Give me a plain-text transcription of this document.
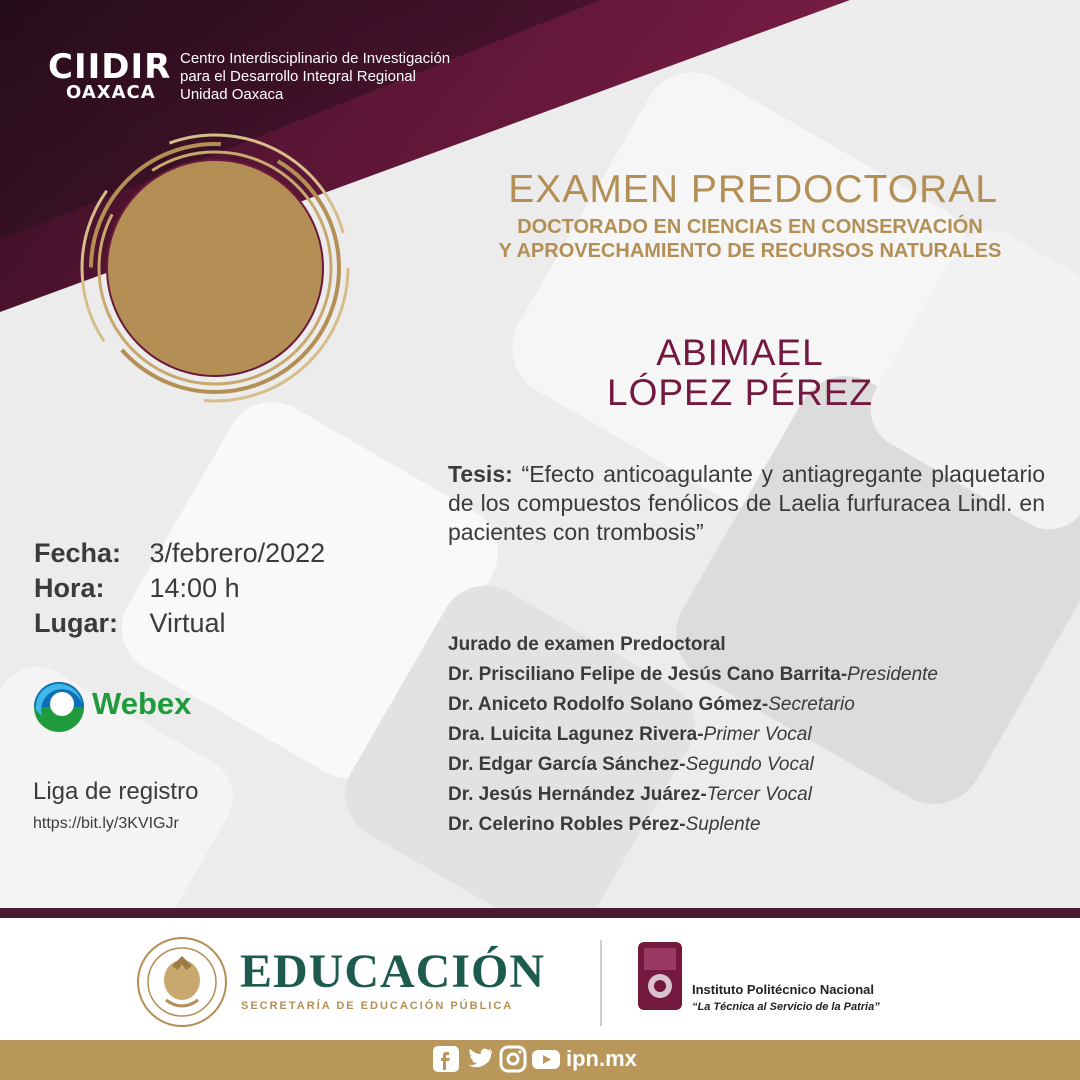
CIIDIR
OAXACA
Centro Interdisciplinario de Investigación
para el Desarrollo Integral Regional
Unidad Oaxaca
EXAMEN PREDOCTORAL
DOCTORADO EN CIENCIAS EN CONSERVACIÓN
Y APROVECHAMIENTO DE RECURSOS NATURALES
ABIMAEL
LÓPEZ PÉREZ
Tesis: “Efecto anticoagulante y antiagregante plaquetario de los compuestos fenólicos de Laelia furfuracea Lindl. en pacientes con trombosis”
Fecha: 3/febrero/2022
Hora: 14:00 h
Lugar: Virtual
Webex
Liga de registro
https://bit.ly/3KVIGJr
Jurado de examen Predoctoral
Dr. Prisciliano Felipe de Jesús Cano Barrita-Presidente
Dr. Aniceto Rodolfo Solano Gómez-Secretario
Dra. Luicita Lagunez Rivera-Primer Vocal
Dr. Edgar García Sánchez-Segundo Vocal
Dr. Jesús Hernández Juárez-Tercer Vocal
Dr. Celerino Robles Pérez-Suplente
EDUCACIÓN
SECRETARÍA DE EDUCACIÓN PÚBLICA
Instituto Politécnico Nacional
“La Técnica al Servicio de la Patria”

ipn.mx
